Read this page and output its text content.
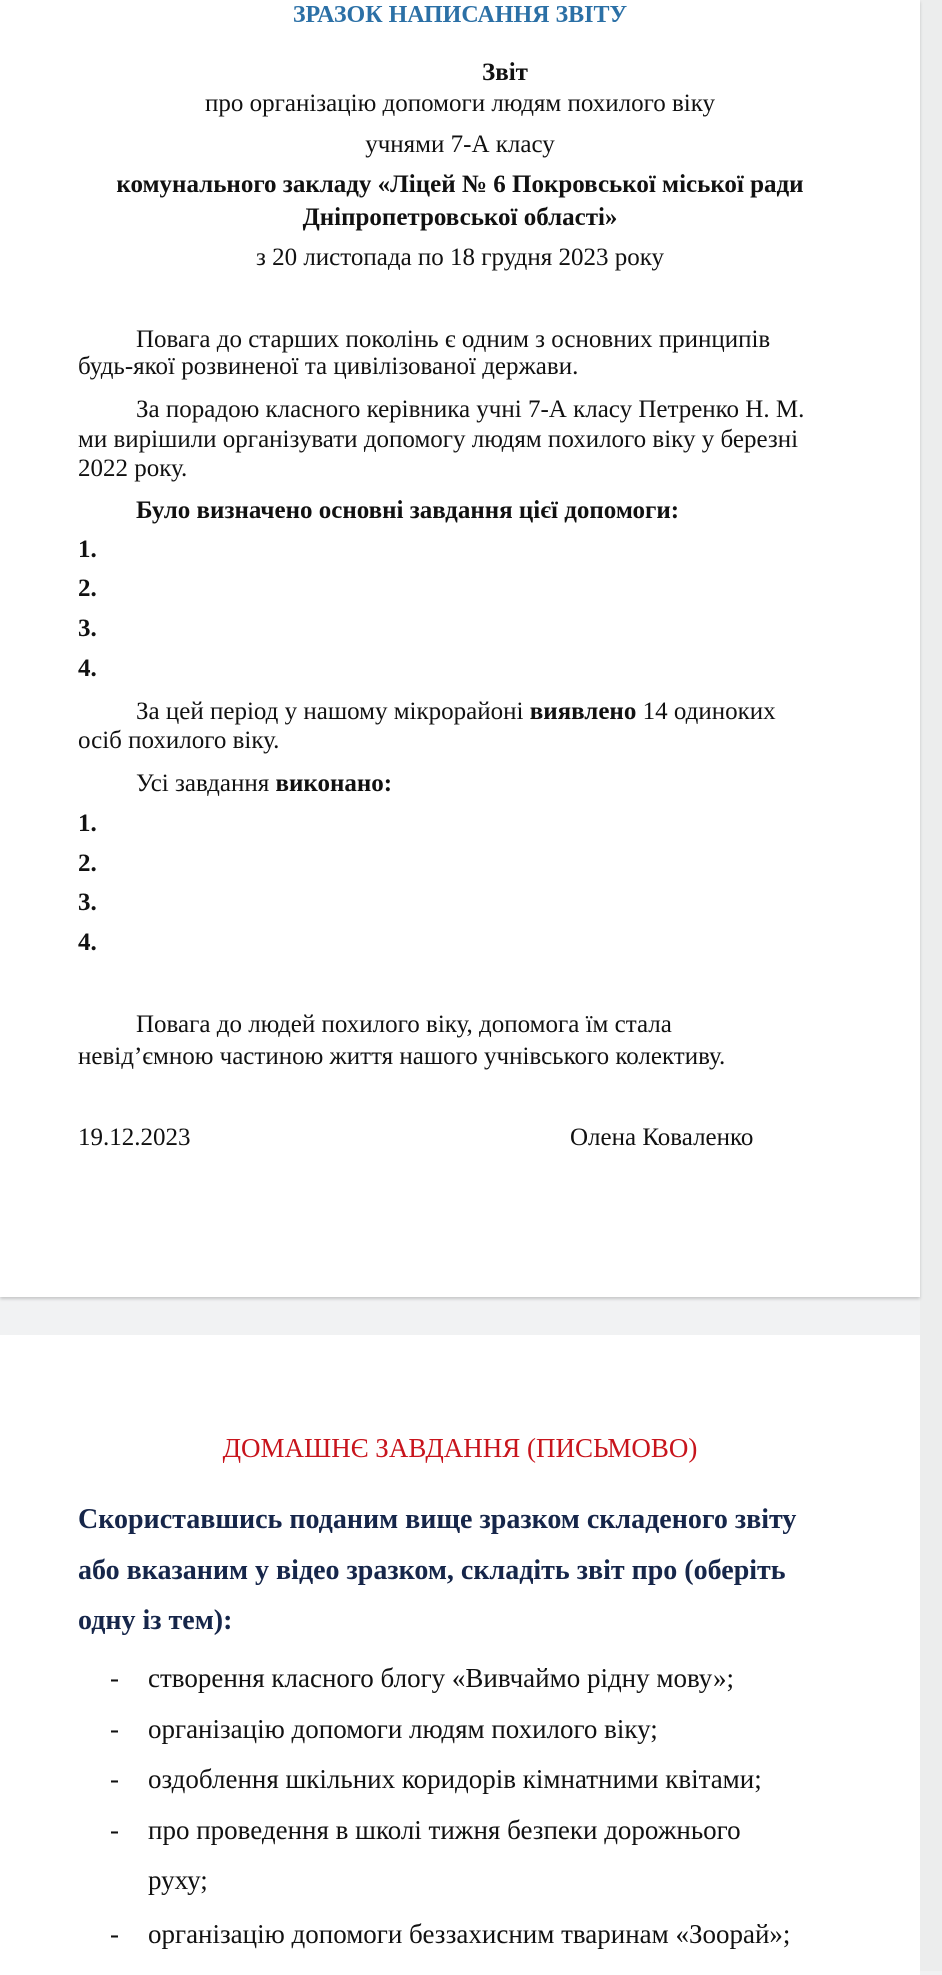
ЗРАЗОК НАПИСАННЯ ЗВІТУ
Звіт
про організацію допомоги людям похилого віку
учнями 7-А класу
комунального закладу «Ліцей № 6 Покровської міської ради
Дніпропетровської області»
з 20 листопада по 18 грудня 2023 року
Повага до старших поколінь є одним з основних принципів
будь-якої розвиненої та цивілізованої держави.
За порадою класного керівника учні 7-А класу Петренко Н. М.
ми вирішили організувати допомогу людям похилого віку у березні
2022 року.
Було визначено основні завдання цієї допомоги:
1.
2.
3.
4.
За цей період у нашому мікрорайоні виявлено 14 одиноких
осіб похилого віку.
Усі завдання виконано:
1.
2.
3.
4.
Повага до людей похилого віку, допомога їм стала
невід’ємною частиною життя нашого учнівського колективу.
19.12.2023	Олена Коваленко
ДОМАШНЄ ЗАВДАННЯ (ПИСЬМОВО)
Скориставшись поданим вище зразком складеного звіту
або вказаним у відео зразком, складіть звіт про (оберіть
одну із тем):
- створення класного блогу «Вивчаймо рідну мову»;
- організацію допомоги людям похилого віку;
- оздоблення шкільних коридорів кімнатними квітами;
- про проведення в школі тижня безпеки дорожнього
руху;
- організацію допомоги беззахисним тваринам «Зоорай»;
